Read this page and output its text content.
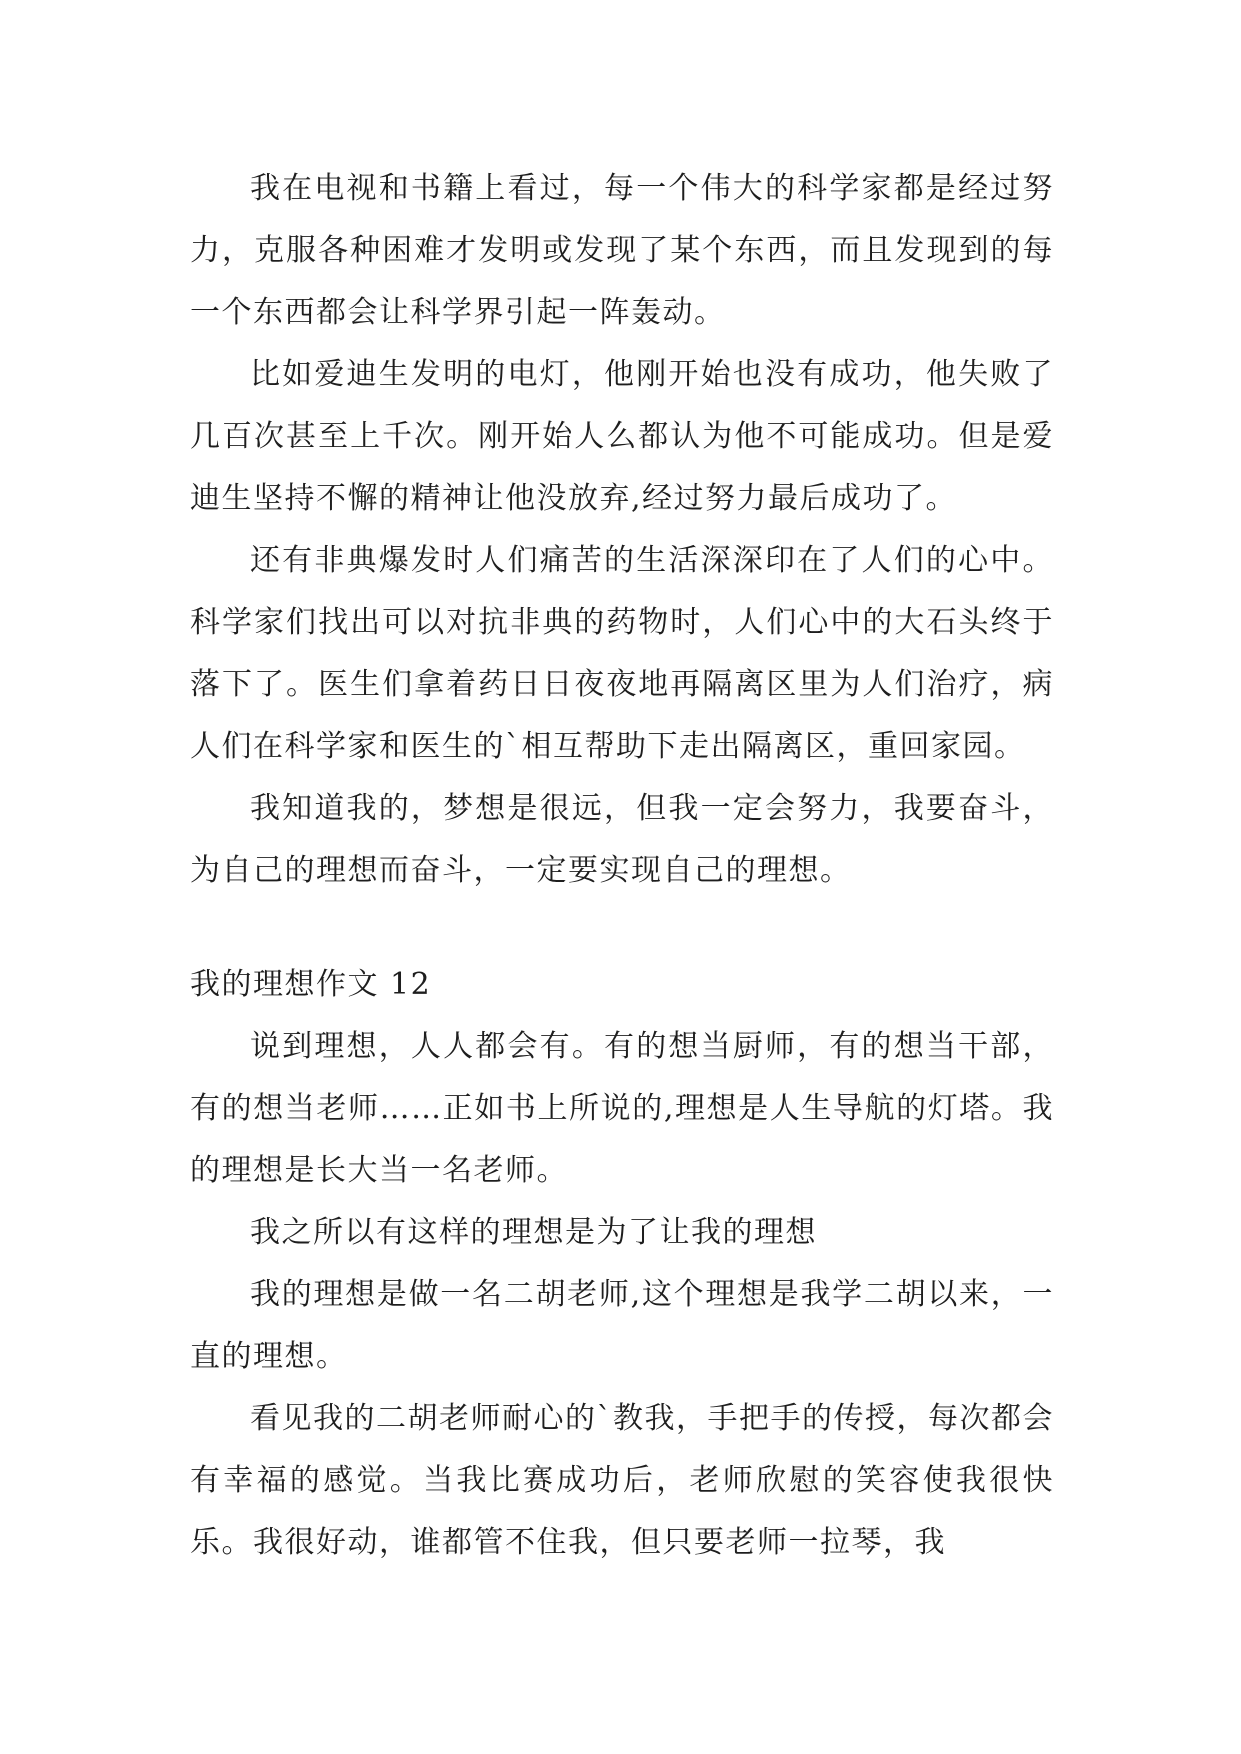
我在电视和书籍上看过，每一个伟大的科学家都是经过努力，克服各种困难才发明或发现了某个东西，而且发现到的每一个东西都会让科学界引起一阵轰动。

比如爱迪生发明的电灯，他刚开始也没有成功，他失败了几百次甚至上千次。刚开始人么都认为他不可能成功。但是爱迪生坚持不懈的精神让他没放弃,经过努力最后成功了。

还有非典爆发时人们痛苦的生活深深印在了人们的心中。科学家们找出可以对抗非典的药物时，人们心中的大石头终于落下了。医生们拿着药日日夜夜地再隔离区里为人们治疗，病人们在科学家和医生的`相互帮助下走出隔离区，重回家园。

我知道我的，梦想是很远，但我一定会努力，我要奋斗，为自己的理想而奋斗，一定要实现自己的理想。

我的理想作文 12

说到理想，人人都会有。有的想当厨师，有的想当干部，有的想当老师……正如书上所说的,理想是人生导航的灯塔。我的理想是长大当一名老师。

我之所以有这样的理想是为了让我的理想

我的理想是做一名二胡老师,这个理想是我学二胡以来，一直的理想。

看见我的二胡老师耐心的`教我，手把手的传授，每次都会有幸福的感觉。当我比赛成功后，老师欣慰的笑容使我很快乐。我很好动，谁都管不住我，但只要老师一拉琴，我
